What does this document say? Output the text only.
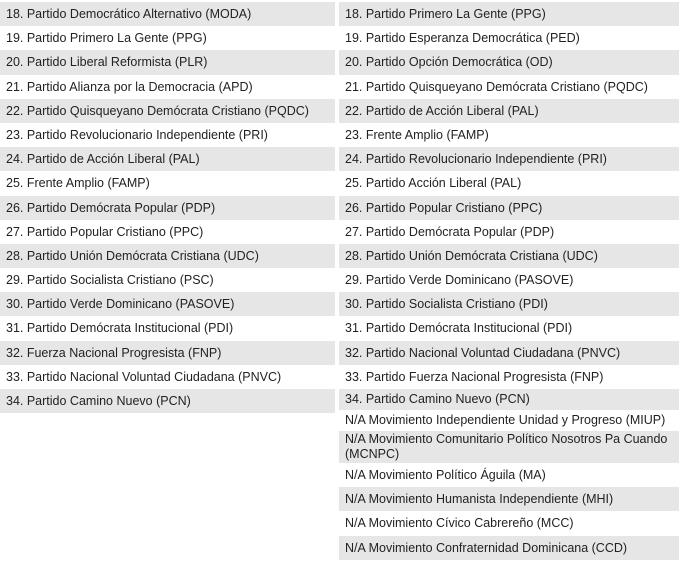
18. Partido Democrático Alternativo (MODA)
19. Partido Primero La Gente (PPG)
20. Partido Liberal Reformista (PLR)
21. Partido Alianza por la Democracia (APD)
22. Partido Quisqueyano Demócrata Cristiano (PQDC)
23. Partido Revolucionario Independiente (PRI)
24. Partido de Acción Liberal (PAL)
25. Frente Amplio (FAMP)
26. Partido Demócrata Popular (PDP)
27. Partido Popular Cristiano (PPC)
28. Partido Unión Demócrata Cristiana (UDC)
29. Partido Socialista Cristiano (PSC)
30. Partido Verde Dominicano (PASOVE)
31. Partido Demócrata Institucional (PDI)
32. Fuerza Nacional Progresista (FNP)
33. Partido Nacional Voluntad Ciudadana (PNVC)
34. Partido Camino Nuevo (PCN)
18. Partido Primero La Gente (PPG)
19. Partido Esperanza Democrática (PED)
20. Partido Opción Democrática (OD)
21. Partido Quisqueyano Demócrata Cristiano (PQDC)
22. Partido de Acción Liberal (PAL)
23. Frente Amplio (FAMP)
24. Partido Revolucionario Independiente (PRI)
25. Partido Acción Liberal (PAL)
26. Partido Popular Cristiano (PPC)
27. Partido Demócrata Popular (PDP)
28. Partido Unión Demócrata Cristiana (UDC)
29. Partido Verde Dominicano (PASOVE)
30. Partido Socialista Cristiano (PDI)
31. Partido Demócrata Institucional (PDI)
32. Partido Nacional Voluntad Ciudadana (PNVC)
33. Partido Fuerza Nacional Progresista (FNP)
34. Partido Camino Nuevo (PCN)
N/A Movimiento Independiente Unidad y Progreso (MIUP)
N/A Movimiento Comunitario Político Nosotros Pa Cuando (MCNPC)
N/A Movimiento Político Águila (MA)
N/A Movimiento Humanista Independiente (MHI)
N/A Movimiento Cívico Cabrereño (MCC)
N/A Movimiento Confraternidad Dominicana (CCD)
